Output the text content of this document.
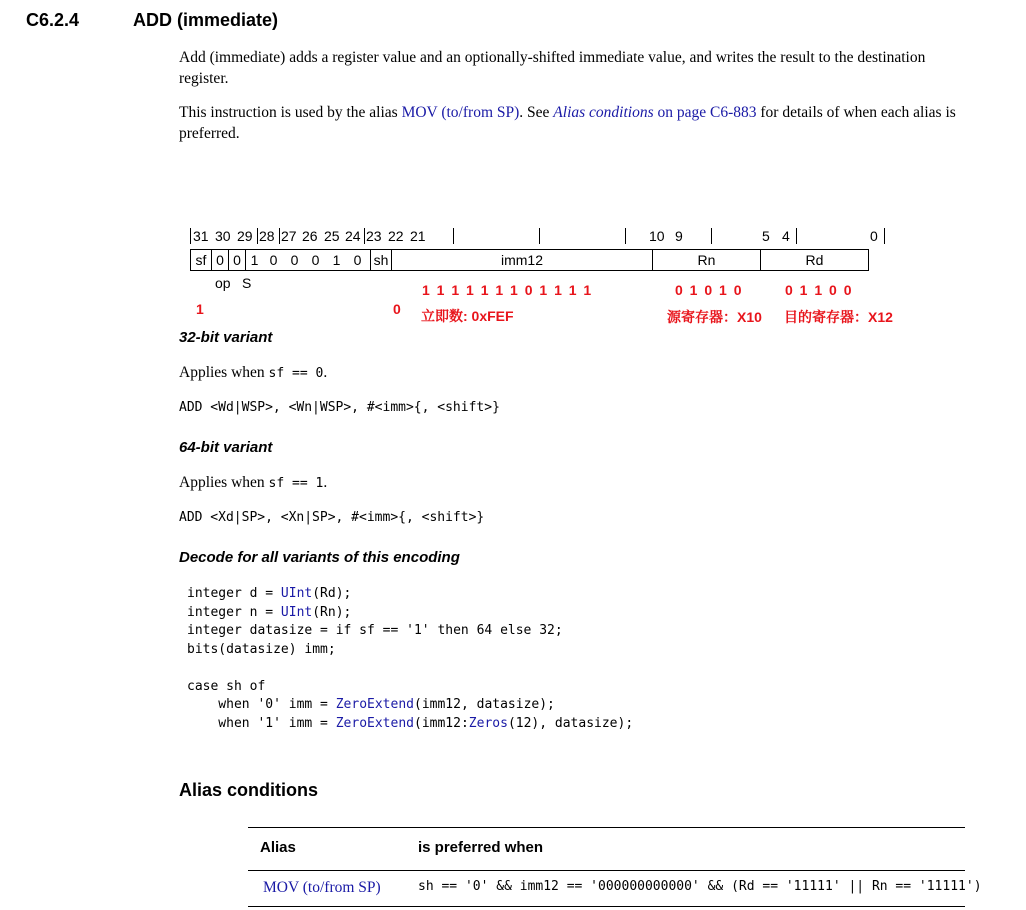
C6.2.4	ADD (immediate)
Add (immediate) adds a register value and an optionally-shifted immediate value, and writes the result to the destination register.
This instruction is used by the alias MOV (to/from SP). See Alias conditions on page C6-883 for details of when each alias is preferred.
31 30 29 28 27 26 25 24 23 22 21	10 9	5 4	0
sf	0	0	1 0 0 0 1 0	sh	imm12	Rn	Rd
op S	1 1 1 1 1 1 1 0 1 1 1 1	0 1 0 1 0	0 1 1 0 0
1	0 立即数: 0xFEF	源寄存器：X10 目的寄存器：X12
32-bit variant
Applies when sf == 0.
ADD <Wd|WSP>, <Wn|WSP>, #<imm>{, <shift>}
64-bit variant
Applies when sf == 1.
ADD <Xd|SP>, <Xn|SP>, #<imm>{, <shift>}
Decode for all variants of this encoding
integer d = UInt(Rd);
integer n = UInt(Rn);
integer datasize = if sf == '1' then 64 else 32;
bits(datasize) imm;
case sh of
when '0' imm = ZeroExtend(imm12, datasize);
when '1' imm = ZeroExtend(imm12:Zeros(12), datasize);
Alias conditions
Alias	is preferred when
MOV (to/from SP)	sh == '0' && imm12 == '000000000000' && (Rd == '11111' || Rn == '11111')
